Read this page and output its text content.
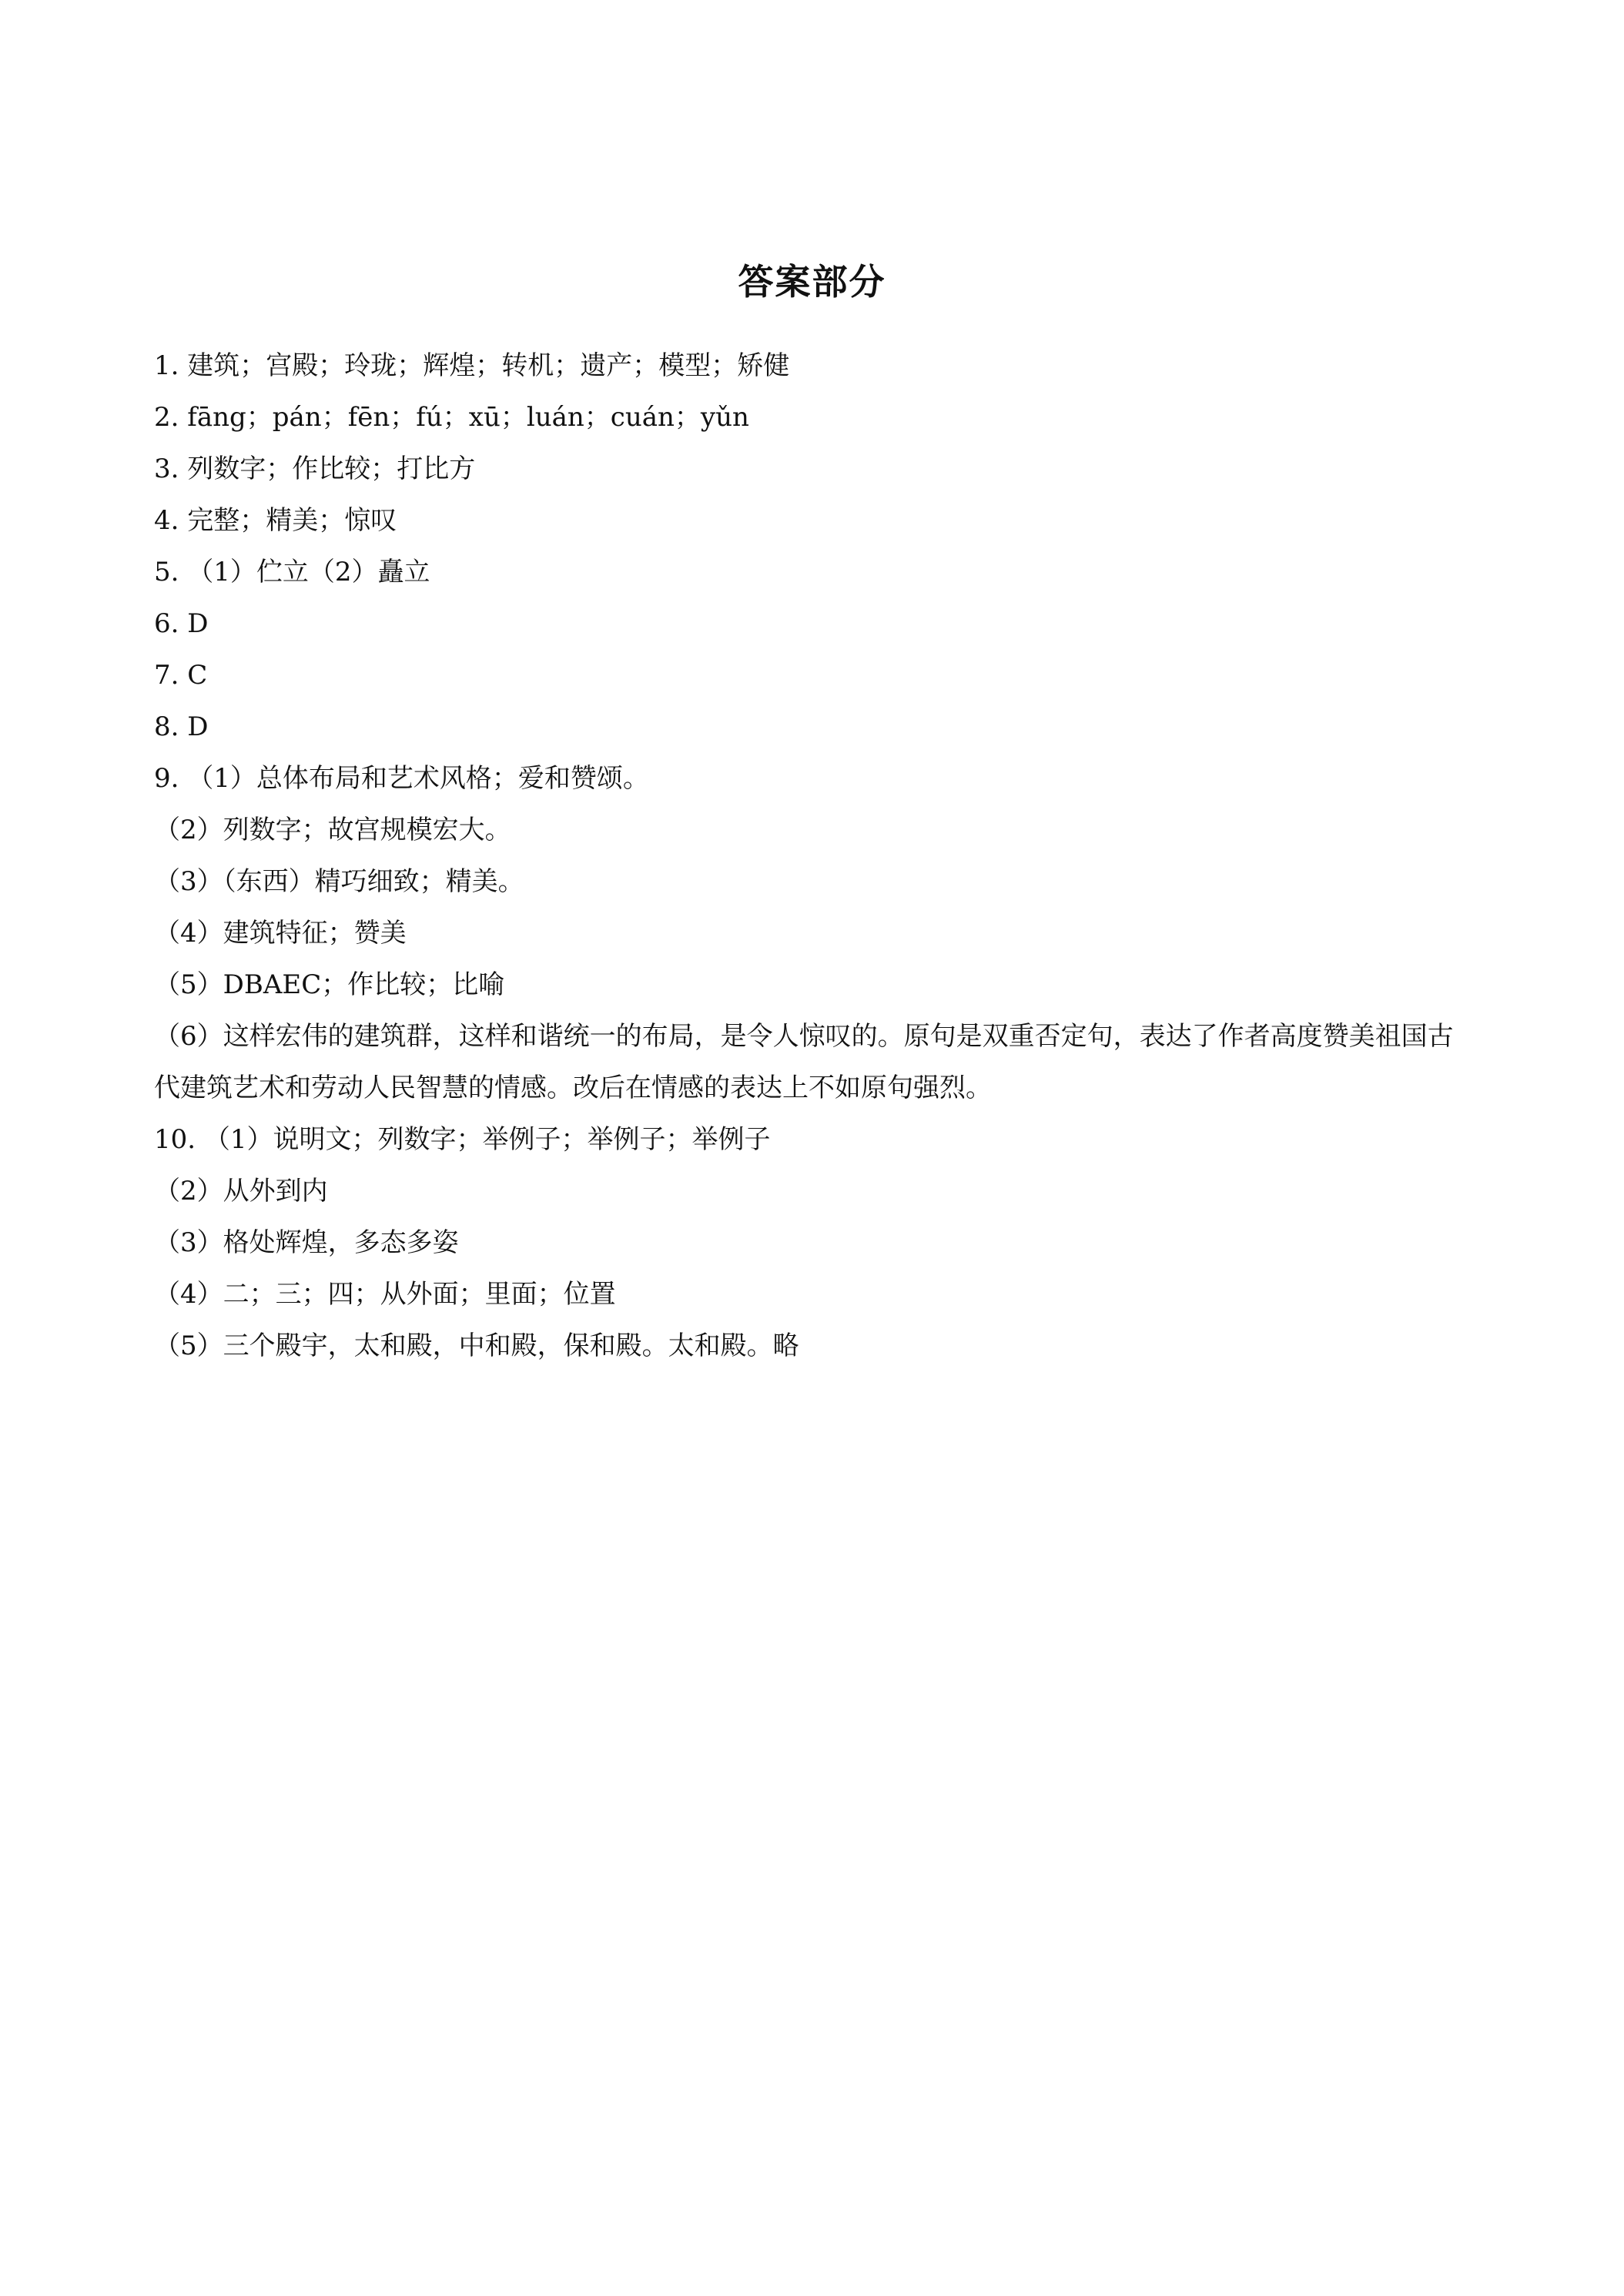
答案部分
1. 建筑；宫殿；玲珑；辉煌；转机；遗产；模型；矫健
2. fāng；pán；fēn；fú；xū；luán；cuán；yǔn
3. 列数字；作比较；打比方
4. 完整；精美；惊叹
5. （1）伫立（2）矗立
6. D
7. C
8. D
9. （1）总体布局和艺术风格；爱和赞颂。
（2）列数字；故宫规模宏大。
（3）（东西）精巧细致；精美。
（4）建筑特征；赞美
（5）DBAEC；作比较；比喻
（6）这样宏伟的建筑群，这样和谐统一的布局，是令人惊叹的。原句是双重否定句，表达了作者高度赞美祖国古代建筑艺术和劳动人民智慧的情感。改后在情感的表达上不如原句强烈。
10. （1）说明文；列数字；举例子；举例子；举例子
（2）从外到内
（3）格处辉煌，多态多姿
（4）二；三；四；从外面；里面；位置
（5）三个殿宇，太和殿，中和殿，保和殿。太和殿。略
